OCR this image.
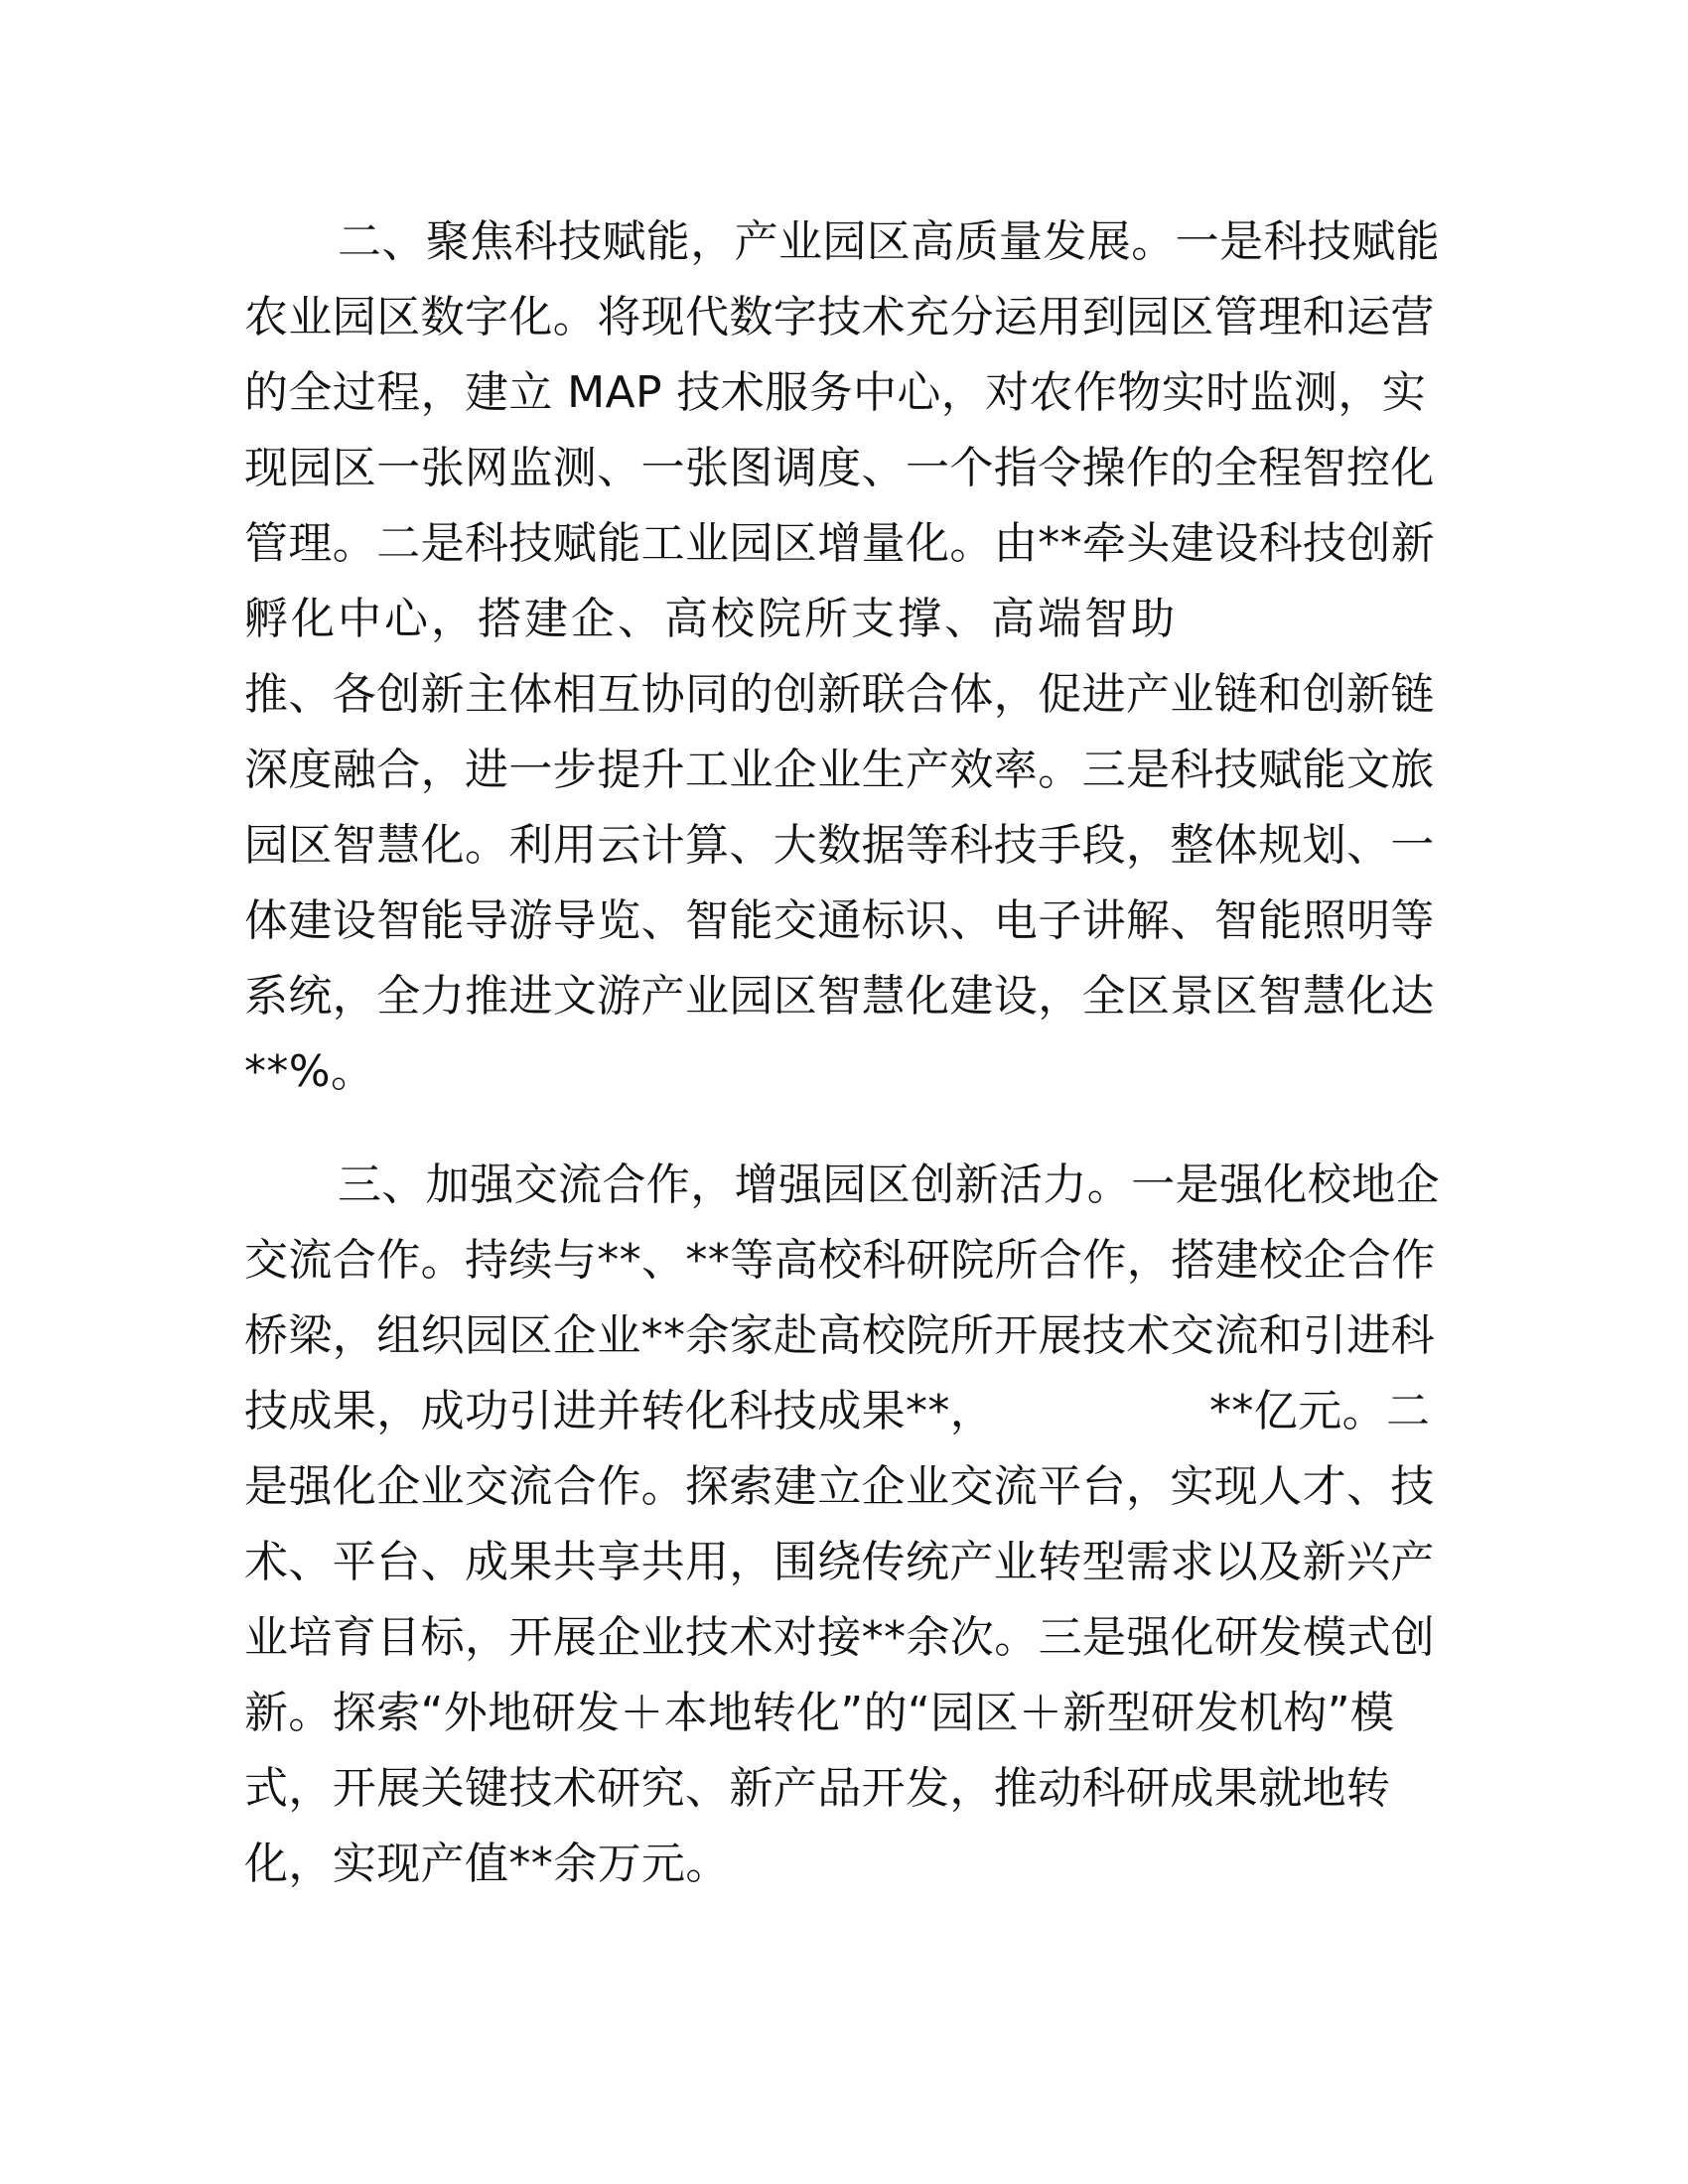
二、聚焦科技赋能，产业园区高质量发展。一是科技赋能
农业园区数字化。将现代数字技术充分运用到园区管理和运营
的全过程，建立 MAP 技术服务中心，对农作物实时监测，实
现园区一张网监测、一张图调度、一个指令操作的全程智控化
管理。二是科技赋能工业园区增量化。由**牵头建设科技创新
孵化中心，搭建企、高校院所支撑、高端智助
推、各创新主体相互协同的创新联合体，促进产业链和创新链
深度融合，进一步提升工业企业生产效率。三是科技赋能文旅
园区智慧化。利用云计算、大数据等科技手段，整体规划、一
体建设智能导游导览、智能交通标识、电子讲解、智能照明等
系统，全力推进文游产业园区智慧化建设，全区景区智慧化达
**%。
三、加强交流合作，增强园区创新活力。一是强化校地企
交流合作。持续与**、**等高校科研院所合作，搭建校企合作
桥梁，组织园区企业**余家赴高校院所开展技术交流和引进科
技成果，成功引进并转化科技成果**，	**亿元。二
是强化企业交流合作。探索建立企业交流平台，实现人才、技
术、平台、成果共享共用，围绕传统产业转型需求以及新兴产
业培育目标，开展企业技术对接**余次。三是强化研发模式创
新。探索“外地研发＋本地转化”的“园区＋新型研发机构”模
式，开展关键技术研究、新产品开发，推动科研成果就地转
化，实现产值**余万元。
